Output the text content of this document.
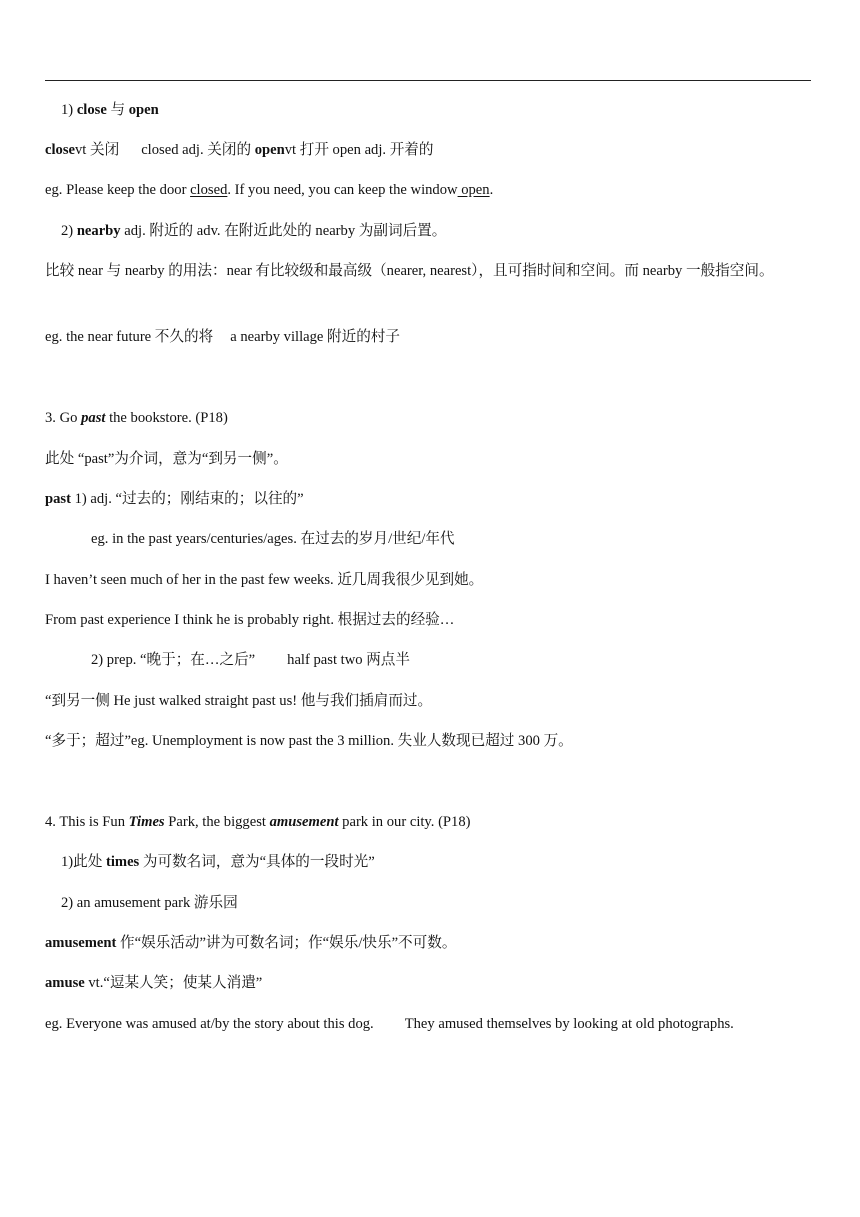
1) close 与 open
closevt 关闭 closed adj. 关闭的 openvt 打开 open adj. 开着的
eg. Please keep the door closed. If you need, you can keep the window open.
2) nearby adj. 附近的 adv. 在附近此处的 nearby 为副词后置。
比较 near 与 nearby 的用法：near 有比较级和最高级（nearer, nearest），且可指时间和空间。而 nearby 一般指空间。
eg. the near future 不久的将 a nearby village 附近的村子
3. Go past the bookstore. (P18)
此处 “past”为介词，意为“到另一侧”。
past 1) adj. “过去的；刚结束的；以往的”
eg. in the past years/centuries/ages. 在过去的岁月/世纪/年代
I haven’t seen much of her in the past few weeks. 近几周我很少见到她。
From past experience I think he is probably right. 根据过去的经验…
2) prep. “晚于；在…之后” half past two 两点半
“到另一侧 He just walked straight past us! 他与我们插肩而过。
“多于；超过”eg. Unemployment is now past the 3 million. 失业人数现已超过 300 万。
4. This is Fun Times Park, the biggest amusement park in our city. (P18)
1)此处 times 为可数名词，意为“具体的一段时光”
2) an amusement park 游乐园
amusement 作“娱乐活动”讲为可数名词；作“娱乐/快乐”不可数。
amuse vt.“逗某人笑；使某人消遣”
eg. Everyone was amused at/by the story about this dog. They amused themselves by looking at old photographs.
